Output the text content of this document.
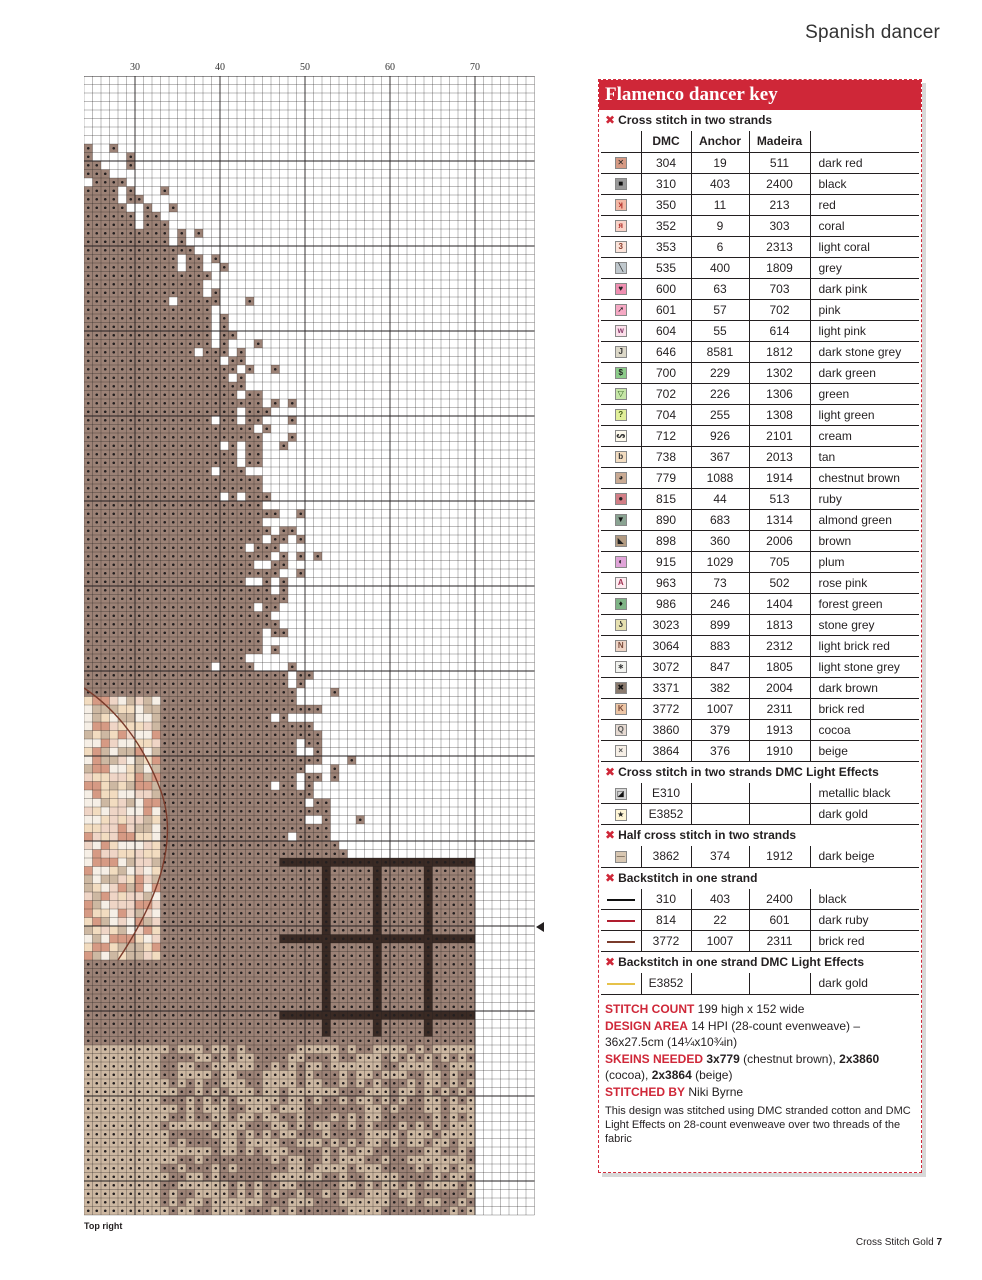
Spanish dancer
30	40	50	60	70
Top right
Flamenco dancer key
✖ Cross stitch in two strands
	DMC	Anchor	Madeira	
✕	304	19	511	dark red
■	310	403	2400	black
ʞ	350	11	213	red
я	352	9	303	coral
3	353	6	2313	light coral
╲	535	400	1809	grey
♥	600	63	703	dark pink
➚	601	57	702	pink
w	604	55	614	light pink
J	646	8581	1812	dark stone grey
$	700	229	1302	dark green
▽	702	226	1306	green
?	704	255	1308	light green
ᔕ	712	926	2101	cream
b	738	367	2013	tan
◕	779	1088	1914	chestnut brown
●	815	44	513	ruby
▼	890	683	1314	almond green
◣	898	360	2006	brown
◐	915	1029	705	plum
A	963	73	502	rose pink
♦	986	246	1404	forest green
ʖ	3023	899	1813	stone grey
N	3064	883	2312	light brick red
∗	3072	847	1805	light stone grey
✖	3371	382	2004	dark brown
K	3772	1007	2311	brick red
Q	3860	379	1913	cocoa
×	3864	376	1910	beige
✖ Cross stitch in two strands DMC Light Effects
◪	E310			metallic black
★	E3852			dark gold
✖ Half cross stitch in two strands
—	3862	374	1912	dark beige
✖ Backstitch in one strand
	310	403	2400	black
	814	22	601	dark ruby
	3772	1007	2311	brick red
✖ Backstitch in one strand DMC Light Effects
	E3852			dark gold

STITCH COUNT 199 high x 152 wide

DESIGN AREA 14 HPI (28-count evenweave) – 36x27.5cm (14¼x10¾in)

SKEINS NEEDED 3x779 (chestnut brown), 2x3860 (cocoa), 2x3864 (beige)

STITCHED BY Niki Byrne

This design was stitched using DMC stranded cotton and DMC Light Effects on 28-count evenweave over two threads of the fabric

Cross Stitch Gold 7
